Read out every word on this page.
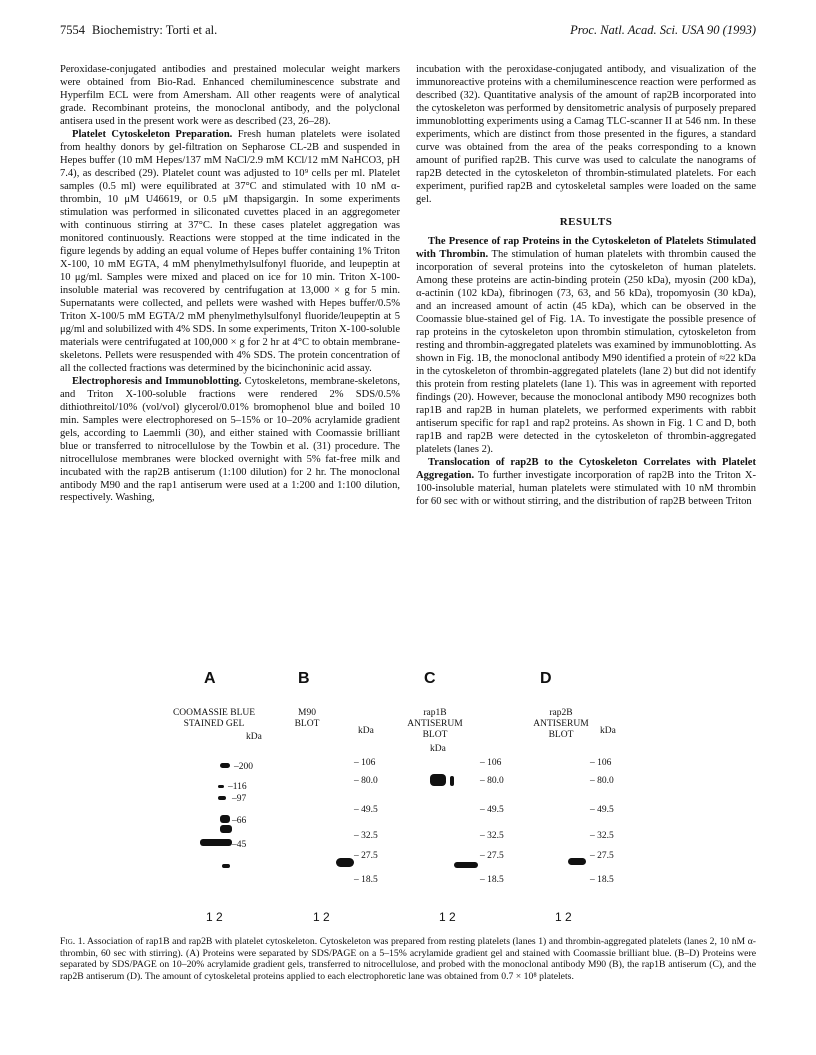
7554 Biochemistry: Torti et al.	Proc. Natl. Acad. Sci. USA 90 (1993)

Peroxidase-conjugated antibodies and prestained molecular weight markers were obtained from Bio-Rad. Enhanced chemiluminescence substrate and Hyperfilm ECL were from Amersham. All other reagents were of analytical grade. Recombinant proteins, the monoclonal antibody, and the polyclonal antisera used in the present work were as described (23, 26–28).

Platelet Cytoskeleton Preparation. Fresh human platelets were isolated from healthy donors by gel-filtration on Sepharose CL-2B and suspended in Hepes buffer (10 mM Hepes/137 mM NaCl/2.9 mM KCl/12 mM NaHCO3, pH 7.4), as described (29). Platelet count was adjusted to 10⁹ cells per ml. Platelet samples (0.5 ml) were equilibrated at 37°C and stimulated with 10 nM α-thrombin, 10 μM U46619, or 0.5 μM thapsigargin. In some experiments stimulation was performed in siliconated cuvettes placed in an aggregometer with continuous stirring at 37°C. In these cases platelet aggregation was monitored continuously. Reactions were stopped at the time indicated in the figure legends by adding an equal volume of Hepes buffer containing 1% Triton X-100, 10 mM EGTA, 4 mM phenylmethylsulfonyl fluoride, and leupeptin at 10 μg/ml. Samples were mixed and placed on ice for 10 min. Triton X-100-insoluble material was recovered by centrifugation at 13,000 × g for 5 min. Supernatants were collected, and pellets were washed with Hepes buffer/0.5% Triton X-100/5 mM EGTA/2 mM phenylmethylsulfonyl fluoride/leupeptin at 5 μg/ml and solubilized with 4% SDS. In some experiments, Triton X-100-soluble materials were centrifugated at 100,000 × g for 2 hr at 4°C to obtain membrane-skeletons. Pellets were resuspended with 4% SDS. The protein concentration of all the collected fractions was determined by the bicinchoninic acid assay.

Electrophoresis and Immunoblotting. Cytoskeletons, membrane-skeletons, and Triton X-100-soluble fractions were rendered 2% SDS/0.5% dithiothreitol/10% (vol/vol) glycerol/0.01% bromophenol blue and boiled 10 min. Samples were electrophoresed on 5–15% or 10–20% acrylamide gradient gels, according to Laemmli (30), and either stained with Coomassie brilliant blue or transferred to nitrocellulose by the Towbin et al. (31) procedure. The nitrocellulose membranes were blocked overnight with 5% fat-free milk and incubated with the rap2B antiserum (1:100 dilution) for 2 hr. The monoclonal antibody M90 and the rap1 antiserum were used at a 1:200 and 1:100 dilution, respectively. Washing,

incubation with the peroxidase-conjugated antibody, and visualization of the immunoreactive proteins with a chemiluminescence reaction were performed as described (32). Quantitative analysis of the amount of rap2B incorporated into the cytoskeleton was performed by densitometric analysis of purposely prepared immunoblotting experiments using a Camag TLC-scanner II at 546 nm. In these experiments, which are distinct from those presented in the figures, a standard curve was obtained from the area of the peaks corresponding to a known amount of purified rap2B. This curve was used to calculate the nanograms of rap2B detected in the cytoskeleton of thrombin-stimulated platelets. For each experiment, purified rap2B and cytoskeletal samples were loaded on the same gel.

RESULTS

The Presence of rap Proteins in the Cytoskeleton of Platelets Stimulated with Thrombin. The stimulation of human platelets with thrombin caused the incorporation of several proteins into the cytoskeleton of human platelets. Among these proteins are actin-binding protein (250 kDa), myosin (200 kDa), α-actinin (102 kDa), fibrinogen (73, 63, and 56 kDa), tropomyosin (30 kDa), and an increased amount of actin (45 kDa), which can be observed in the Coomassie blue-stained gel of Fig. 1A. To investigate the possible presence of rap proteins in the cytoskeleton upon thrombin stimulation, cytoskeleton from resting and thrombin-aggregated platelets was examined by immunoblotting. As shown in Fig. 1B, the monoclonal antibody M90 identified a protein of ≈22 kDa in the cytoskeleton of thrombin-aggregated platelets (lane 2) but did not identify this protein from resting platelets (lane 1). This was in agreement with reported findings (20). However, because the monoclonal antibody M90 recognizes both rap1B and rap2B in human platelets, we performed experiments with rabbit antiserum specific for rap1 and rap2 proteins. As shown in Fig. 1 C and D, both rap1B and rap2B were detected in the cytoskeleton of thrombin-aggregated platelets (lanes 2).

Translocation of rap2B to the Cytoskeleton Correlates with Platelet Aggregation. To further investigate incorporation of rap2B into the Triton X-100-insoluble material, human platelets were stimulated with 10 nM thrombin for 60 sec with or without stirring, and the distribution of rap2B between Triton

A
COOMASSIE BLUE
STAINED GEL
kDa
–200
–116
–97
–66
–45
1 2
B
M90
BLOT
kDa
– 106
– 80.0
– 49.5
– 32.5
– 27.5
– 18.5
1 2
C
rap1B
ANTISERUM
BLOT
kDa
– 106
– 80.0
– 49.5
– 32.5
– 27.5
– 18.5
1 2
D
rap2B
ANTISERUM
BLOT	kDa
– 106
– 80.0
– 49.5
– 32.5
– 27.5
– 18.5
1 2
Fig. 1. Association of rap1B and rap2B with platelet cytoskeleton. Cytoskeleton was prepared from resting platelets (lanes 1) and thrombin-aggregated platelets (lanes 2, 10 nM α-thrombin, 60 sec with stirring). (A) Proteins were separated by SDS/PAGE on a 5–15% acrylamide gradient gel and stained with Coomassie brilliant blue. (B–D) Proteins were separated by SDS/PAGE on 10–20% acrylamide gradient gels, transferred to nitrocellulose, and probed with the monoclonal antibody M90 (B), the rap1B antiserum (C), and the rap2B antiserum (D). The amount of cytoskeletal proteins applied to each electrophoretic lane was obtained from 0.7 × 10⁸ platelets.
